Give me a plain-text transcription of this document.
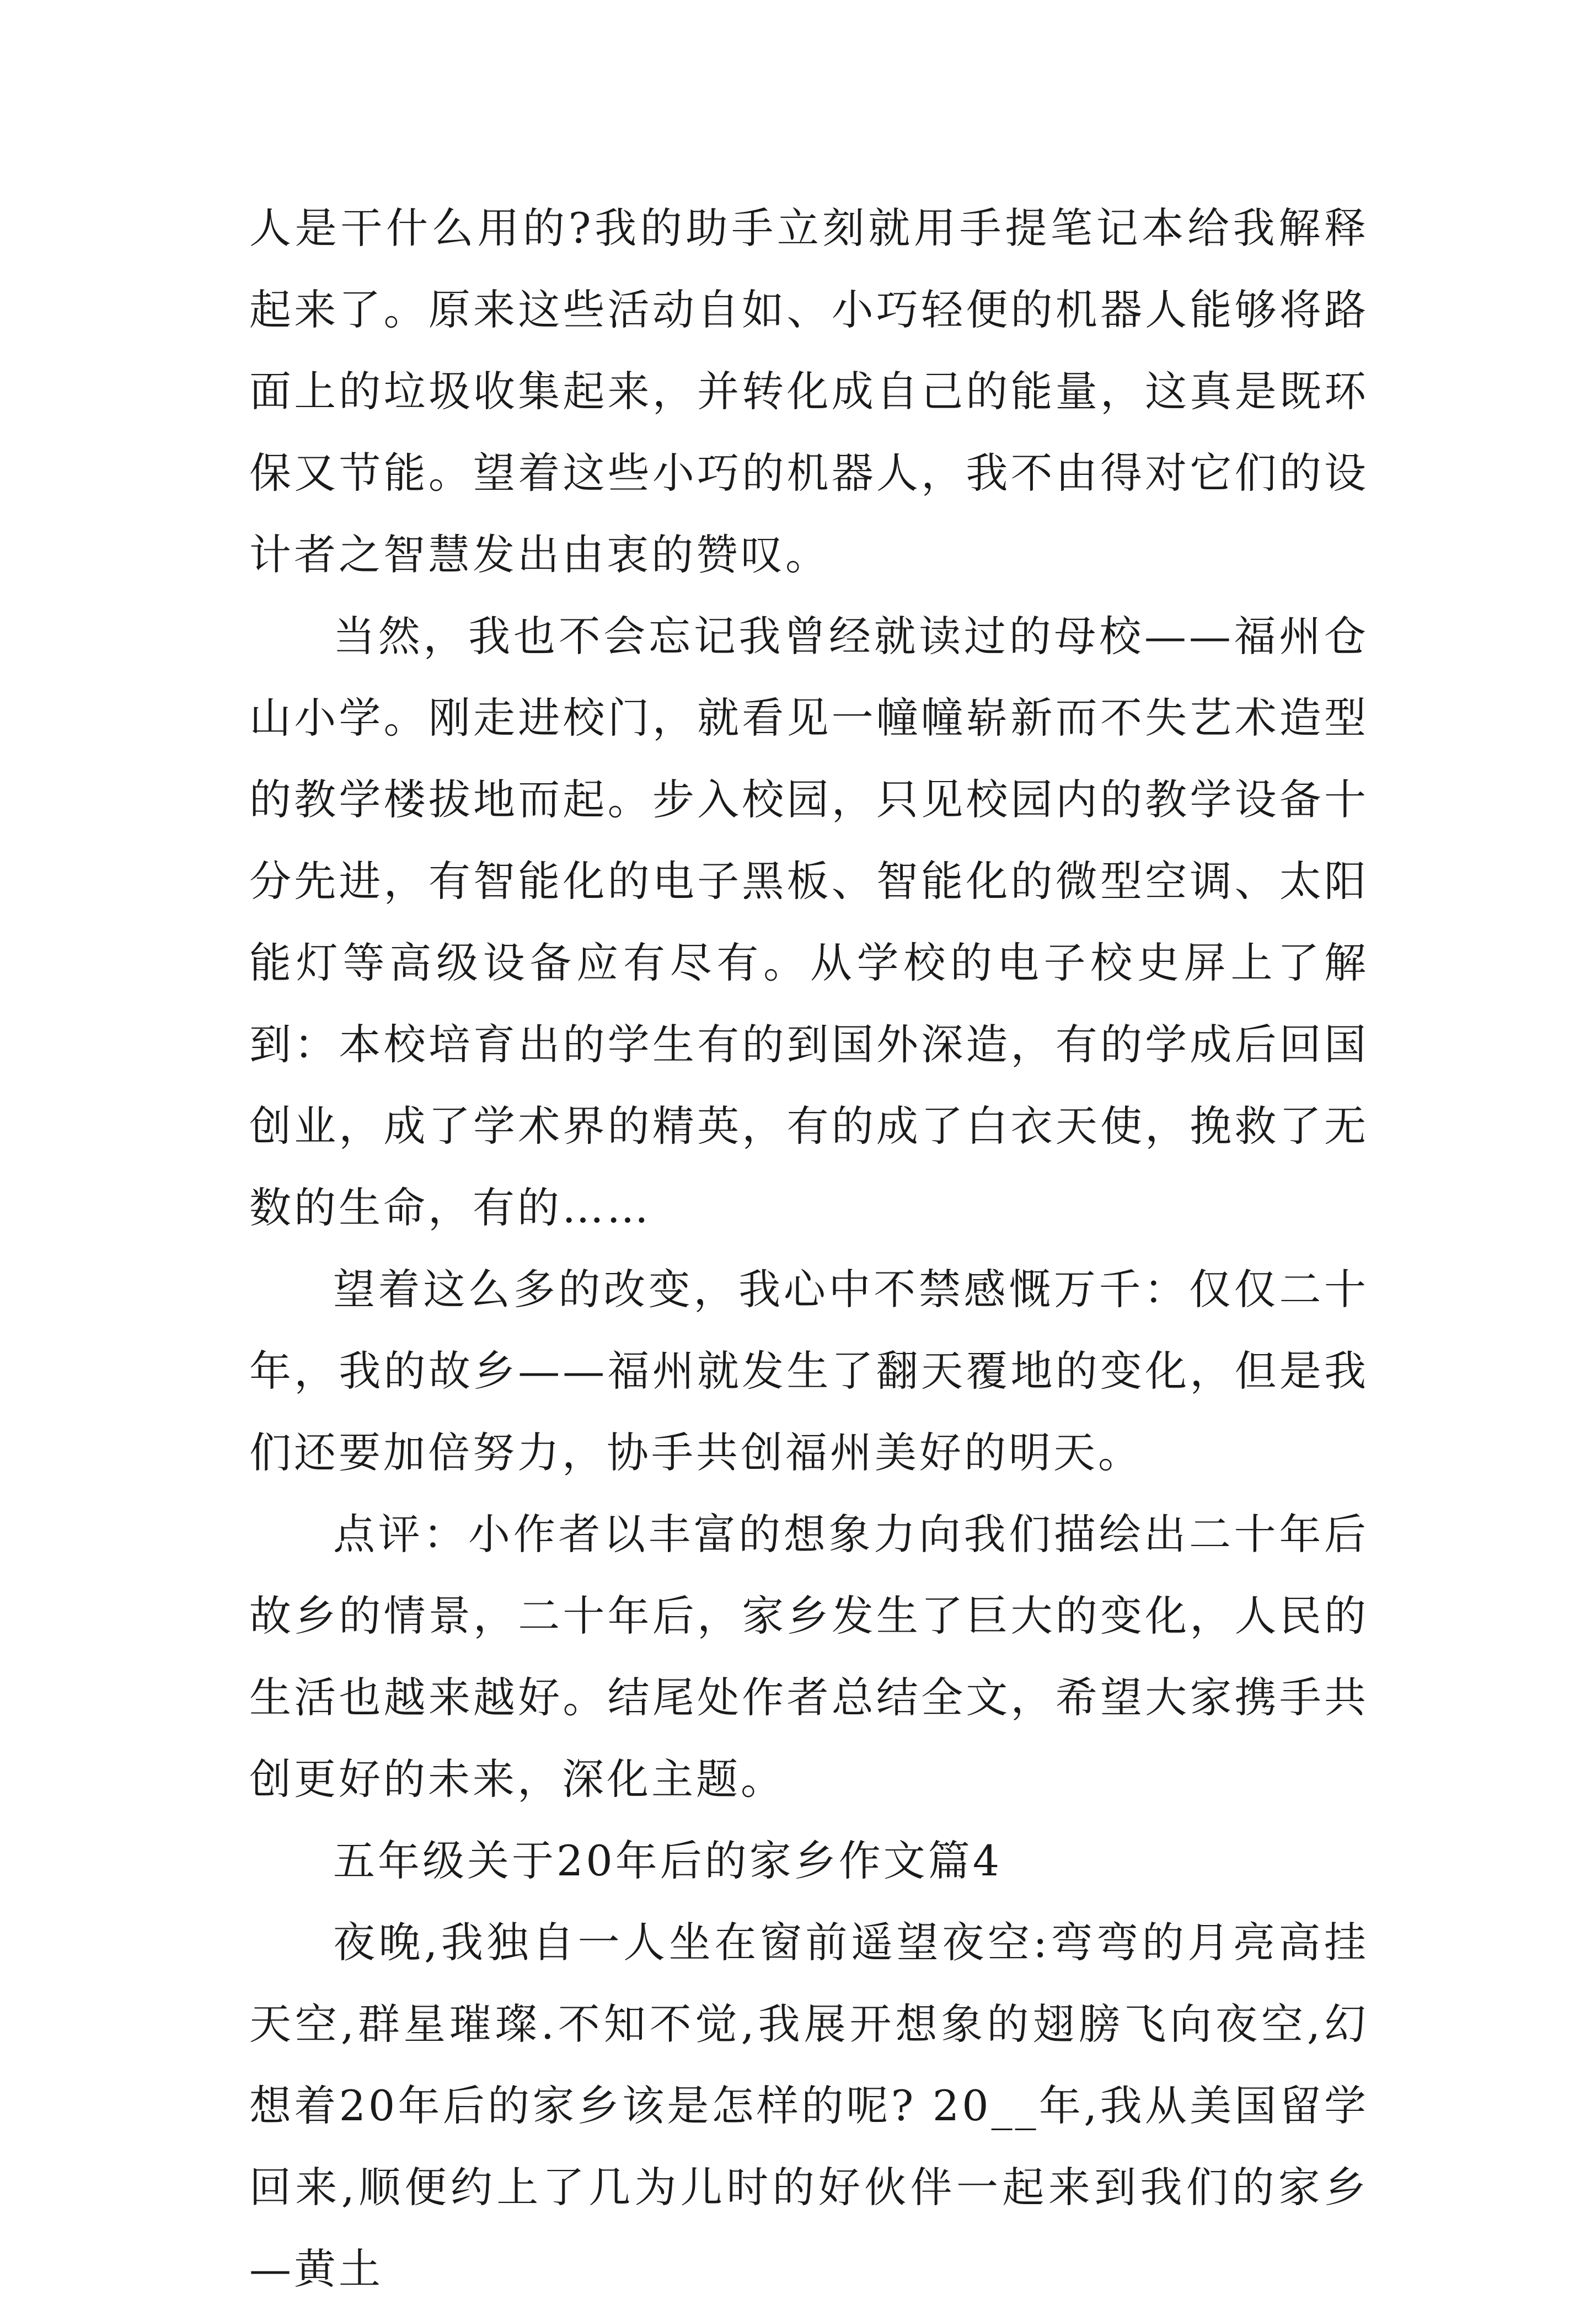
人是干什么用的?我的助手立刻就用手提笔记本给我解释起来了。原来这些活动自如、小巧轻便的机器人能够将路面上的垃圾收集起来，并转化成自己的能量，这真是既环保又节能。望着这些小巧的机器人，我不由得对它们的设计者之智慧发出由衷的赞叹。

当然，我也不会忘记我曾经就读过的母校——福州仓山小学。刚走进校门，就看见一幢幢崭新而不失艺术造型的教学楼拔地而起。步入校园，只见校园内的教学设备十分先进，有智能化的电子黑板、智能化的微型空调、太阳能灯等高级设备应有尽有。从学校的电子校史屏上了解到：本校培育出的学生有的到国外深造，有的学成后回国创业，成了学术界的精英，有的成了白衣天使，挽救了无数的生命，有的……

望着这么多的改变，我心中不禁感慨万千：仅仅二十年，我的故乡——福州就发生了翻天覆地的变化，但是我们还要加倍努力，协手共创福州美好的明天。

点评：小作者以丰富的想象力向我们描绘出二十年后故乡的情景，二十年后，家乡发生了巨大的变化，人民的生活也越来越好。结尾处作者总结全文，希望大家携手共创更好的未来，深化主题。

五年级关于20年后的家乡作文篇4

夜晚,我独自一人坐在窗前遥望夜空:弯弯的月亮高挂天空,群星璀璨.不知不觉,我展开想象的翅膀飞向夜空,幻想着20年后的家乡该是怎样的呢? 20__年,我从美国留学回来,顺便约上了几为儿时的好伙伴一起来到我们的家乡—黄土
